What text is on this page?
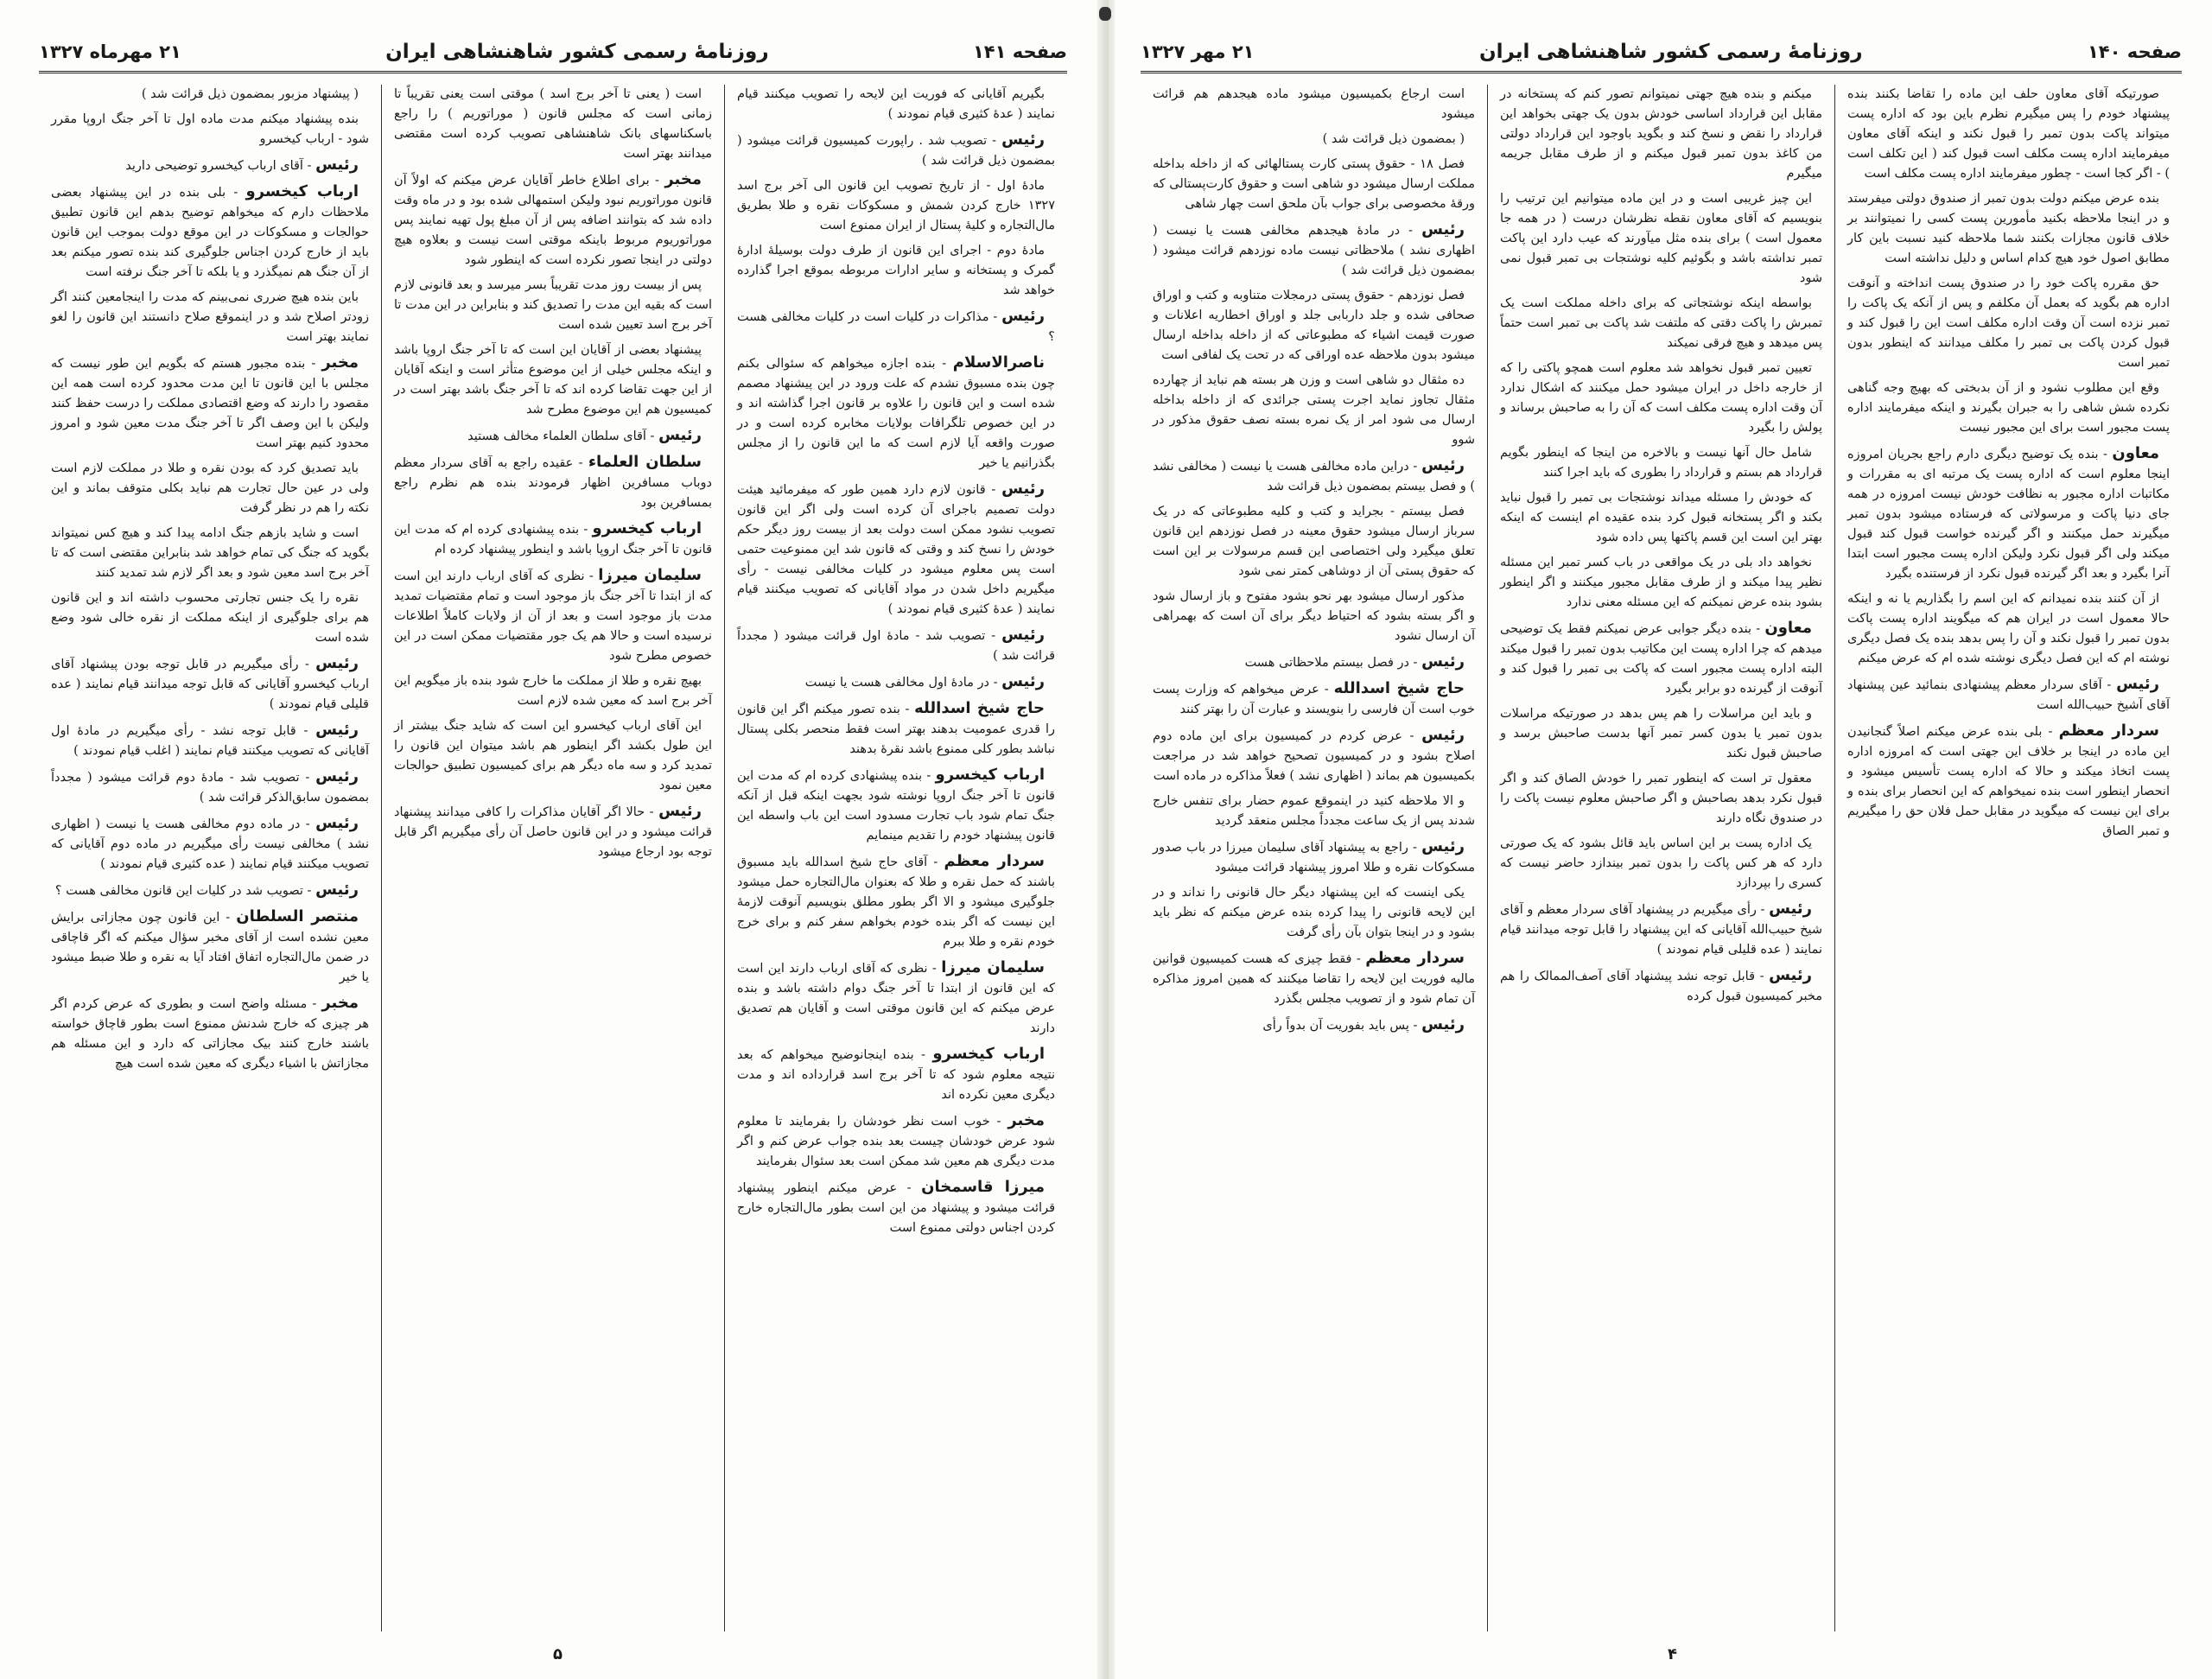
صفحه ۱۴۱
روزنامهٔ رسمی کشور شاهنشاهی ایران
۲۱ مهرماه ۱۳۲۷

بگیریم آقایانی که فوریت این لایحه را تصویب میکنند قیام نمایند ( عدهٔ کثیری قیام نمودند )

رئیس - تصویب شد . راپورت کمیسیون قرائت میشود ( بمضمون ذیل قرائت شد )

مادهٔ اول - از تاریخ تصویب این قانون الی آخر برج اسد ۱۳۲۷ خارج کردن شمش و مسکوکات نقره و طلا بطریق مال‌التجاره و کلیهٔ پستال از ایران ممنوع است

مادهٔ دوم - اجرای این قانون از طرف دولت بوسیلهٔ ادارهٔ گمرک و پستخانه و سایر ادارات مربوطه بموقع اجرا گذارده خواهد شد

رئیس - مذاکرات در کلیات است در کلیات مخالفی هست ؟

ناصرالاسلام - بنده اجازه میخواهم که سئوالی بکنم چون بنده مسبوق نشدم که علت ورود در این پیشنهاد مصمم شده است و این قانون را علاوه بر قانون اجرا گذاشته اند و در این خصوص تلگرافات بولایات مخابره کرده است و در صورت واقعه آیا لازم است که ما این قانون را از مجلس بگذرانیم یا خیر

رئیس - قانون لازم دارد همین طور که میفرمائید هیئت دولت تصمیم باجرای آن کرده است ولی اگر این قانون تصویب نشود ممکن است دولت بعد از بیست روز دیگر حکم خودش را نسخ کند و وقتی که قانون شد این ممنوعیت حتمی است پس معلوم میشود در کلیات مخالفی نیست - رأی میگیریم داخل شدن در مواد آقایانی که تصویب میکنند قیام نمایند ( عدهٔ کثیری قیام نمودند )

رئیس - تصویب شد - مادهٔ اول قرائت میشود ( مجدداً قرائت شد )

رئیس - در مادهٔ اول مخالفی هست یا نیست

حاج شیخ اسدالله - بنده تصور میکنم اگر این قانون را قدری عمومیت بدهند بهتر است فقط منحصر بکلی پستال نباشد بطور کلی ممنوع باشد نقرهٔ بدهند

ارباب کیخسرو - بنده پیشنهادی کرده ام که مدت این قانون تا آخر جنگ اروپا نوشته شود بجهت اینکه قبل از آنکه جنگ تمام شود باب تجارت مسدود است این باب واسطه این قانون پیشنهاد خودم را تقدیم مینمایم

سردار معظم - آقای حاج شیخ اسدالله باید مسبوق باشند که حمل نقره و طلا که بعنوان مال‌التجاره حمل میشود جلوگیری میشود و الا اگر بطور مطلق بنویسیم آنوقت لازمهٔ این نیست که اگر بنده خودم بخواهم سفر کنم و برای خرج خودم نقره و طلا ببرم

سلیمان میرزا - نظری که آقای ارباب دارند این است که این قانون از ابتدا تا آخر جنگ دوام داشته باشد و بنده عرض میکنم که این قانون موقتی است و آقایان هم تصدیق دارند

ارباب کیخسرو - بنده اینجانوضیح میخواهم که بعد نتیجه معلوم شود که تا آخر برج اسد قرارداده اند و مدت دیگری معین نکرده اند

مخبر - خوب است نظر خودشان را بفرمایند تا معلوم شود عرض خودشان چیست بعد بنده جواب عرض کنم و اگر مدت دیگری هم معین شد ممکن است بعد سئوال بفرمایند

میرزا قاسمخان - عرض میکنم اینطور پیشنهاد قرائت میشود و پیشنهاد من این است بطور مال‌التجاره خارج کردن اجناس دولتی ممنوع است

است ( یعنی تا آخر برج اسد ) موقتی است یعنی تقریباً تا زمانی است که مجلس قانون ( موراتوریم ) را راجع باسکناسهای بانک شاهنشاهی تصویب کرده است مقتضی میدانند بهتر است

مخبر - برای اطلاع خاطر آقایان عرض میکنم که اولاً آن قانون موراتوریم نبود ولیکن استمهالی شده بود و در ماه وقت داده شد که بتوانند اضافه پس از آن مبلغ پول تهیه نمایند پس موراتوریوم مربوط باینکه موقتی است نیست و بعلاوه هیچ دولتی در اینجا تصور نکرده است که اینطور شود

پس از بیست روز مدت تقریباً بسر میرسد و بعد قانونی لازم است که بقیه این مدت را تصدیق کند و بنابراین در این مدت تا آخر برج اسد تعیین شده است

پیشنهاد بعضی از آقایان این است که تا آخر جنگ اروپا باشد و اینکه مجلس خیلی از این موضوع متأثر است و اینکه آقایان از این جهت تقاضا کرده اند که تا آخر جنگ باشد بهتر است در کمیسیون هم این موضوع مطرح شد

رئیس - آقای سلطان العلماء مخالف هستید

سلطان العلماء - عقیده راجع به آقای سردار معظم دوباب مسافرین اظهار فرمودند بنده هم نظرم راجع بمسافرین بود

ارباب کیخسرو - بنده پیشنهادی کرده ام که مدت این قانون تا آخر جنگ اروپا باشد و اینطور پیشنهاد کرده ام

سلیمان میرزا - نظری که آقای ارباب دارند این است که از ابتدا تا آخر جنگ باز موجود است و تمام مقتضیات تمدید مدت باز موجود است و بعد از آن از ولایات کاملاً اطلاعات نرسیده است و حالا هم یک جور مقتضیات ممکن است در این خصوص مطرح شود

بهیچ نقره و طلا از مملکت ما خارج شود بنده باز میگویم این آخر برج اسد که معین شده لازم است

این آقای ارباب کیخسرو این است که شاید جنگ بیشتر از این طول بکشد اگر اینطور هم باشد میتوان این قانون را تمدید کرد و سه ماه دیگر هم برای کمیسیون تطبیق حوالجات معین نمود

رئیس - حالا اگر آقایان مذاکرات را کافی میدانند پیشنهاد قرائت میشود و در این قانون حاصل آن رأی میگیریم اگر قابل توجه بود ارجاع میشود

( پیشنهاد مزبور بمضمون ذیل قرائت شد )

بنده پیشنهاد میکنم مدت ماده اول تا آخر جنگ اروپا مقرر شود - ارباب کیخسرو

رئیس - آقای ارباب کیخسرو توضیحی دارید

ارباب کیخسرو - بلی بنده در این پیشنهاد بعضی ملاحظات دارم که میخواهم توضیح بدهم این قانون تطبیق حوالجات و مسکوکات در این موقع دولت بموجب این قانون باید از خارج کردن اجناس جلوگیری کند بنده تصور میکنم بعد از آن جنگ هم نمیگذرد و یا بلکه تا آخر جنگ نرفته است

باین بنده هیچ ضرری نمی‌بینم که مدت را اینجامعین کنند اگر زودتر اصلاح شد و در اینموقع صلاح دانستند این قانون را لغو نمایند بهتر است

مخبر - بنده مجبور هستم که بگویم این طور نیست که مجلس با این قانون تا این مدت محدود کرده است همه این مقصود را دارند که وضع اقتصادی مملکت را درست حفظ کنند ولیکن با این وصف اگر تا آخر جنگ مدت معین شود و امروز محدود کنیم بهتر است

باید تصدیق کرد که بودن نقره و طلا در مملکت لازم است ولی در عین حال تجارت هم نباید بکلی متوقف بماند و این نکته را هم در نظر گرفت

است و شاید بازهم جنگ ادامه پیدا کند و هیچ کس نمیتواند بگوید که جنگ کی تمام خواهد شد بنابراین مقتضی است که تا آخر برج اسد معین شود و بعد اگر لازم شد تمدید کنند

نقره را یک جنس تجارتی محسوب داشته اند و این قانون هم برای جلوگیری از اینکه مملکت از نقره خالی شود وضع شده است

رئیس - رأی میگیریم در قابل توجه بودن پیشنهاد آقای ارباب کیخسرو آقایانی که قابل توجه میدانند قیام نمایند ( عده قلیلی قیام نمودند )

رئیس - قابل توجه نشد - رأی میگیریم در مادهٔ اول آقایانی که تصویب میکنند قیام نمایند ( اغلب قیام نمودند )

رئیس - تصویب شد - مادهٔ دوم قرائت میشود ( مجدداً بمضمون سابق‌الذکر قرائت شد )

رئیس - در ماده دوم مخالفی هست یا نیست ( اظهاری نشد ) مخالفی نیست رأی میگیریم در ماده دوم آقایانی که تصویب میکنند قیام نمایند ( عده کثیری قیام نمودند )

رئیس - تصویب شد در کلیات این قانون مخالفی هست ؟

منتصر السلطان - این قانون چون مجازاتی برایش معین نشده است از آقای مخبر سؤال میکنم که اگر قاچاقی در ضمن مال‌التجاره اتفاق افتاد آیا به نقره و طلا ضبط میشود یا خیر

مخبر - مسئله واضح است و بطوری که عرض کردم اگر هر چیزی که خارج شدنش ممنوع است بطور قاچاق خواسته باشند خارج کنند بیک مجازاتی که دارد و این مسئله هم مجازاتش با اشیاء دیگری که معین شده است هیچ

۵
صفحه ۱۴۰
روزنامهٔ رسمی کشور شاهنشاهی ایران
۲۱ مهر ۱۳۲۷

صورتیکه آقای معاون حلف این ماده را تقاضا بکنند بنده پیشنهاد خودم را پس میگیرم نظرم باین بود که اداره پست میتواند پاکت بدون تمبر را قبول نکند و اینکه آقای معاون میفرمایند اداره پست مکلف است قبول کند ( این تکلف است ) - اگر کجا است - چطور میفرمایند اداره پست مکلف است

بنده عرض میکنم دولت بدون تمبر از صندوق دولتی میفرستد و در اینجا ملاحظه بکنید مأمورین پست کسی را نمیتوانند بر خلاف قانون مجازات بکنند شما ملاحظه کنید نسبت باین کار مطابق اصول خود هیچ کدام اساس و دلیل نداشته است

حق مقرره پاکت خود را در صندوق پست انداخته و آنوقت اداره هم بگوید که بعمل آن مکلفم و پس از آنکه یک پاکت را تمبر نزده است آن وقت اداره مکلف است این را قبول کند و قبول کردن پاکت بی تمبر را مکلف میدانند که اینطور بدون تمبر است

وقع این مطلوب نشود و از آن بدبختی که بهیچ وجه گناهی نکرده شش شاهی را به جبران بگیرند و اینکه میفرمایند اداره پست مجبور است برای این مجبور نیست

معاون - بنده یک توضیح دیگری دارم راجع بجریان امروزه اینجا معلوم است که اداره پست یک مرتبه ای به مقررات و مکاتبات اداره مجبور به نظافت خودش نیست امروزه در همه جای دنیا پاکت و مرسولاتی که فرستاده میشود بدون تمبر میگیرند حمل میکنند و اگر گیرنده خواست قبول کند قبول میکند ولی اگر قبول نکرد ولیکن اداره پست مجبور است ابتدا آنرا بگیرد و بعد اگر گیرنده قبول نکرد از فرستنده بگیرد

از آن کنند بنده نمیدانم که این اسم را بگذاریم یا نه و اینکه حالا معمول است در ایران هم که میگویند اداره پست پاکت بدون تمبر را قبول نکند و آن را پس بدهد بنده یک فصل دیگری نوشته ام که این فصل دیگری نوشته شده ام که عرض میکنم

رئیس - آقای سردار معظم پیشنهادی بنمائید عین پیشنهاد آقای آشیخ حبیب‌الله است

سردار معظم - بلی بنده عرض میکنم اصلاً گنجانیدن این ماده در اینجا بر خلاف این جهتی است که امروزه اداره پست اتخاذ میکند و حالا که اداره پست تأسیس میشود و انحصار اینطور است بنده نمیخواهم که این انحصار برای بنده و برای این نیست که میگوید در مقابل حمل فلان حق را میگیریم و تمبر الصاق

میکنم و بنده هیچ جهتی نمیتوانم تصور کنم که پستخانه در مقابل این قرارداد اساسی خودش بدون یک جهتی بخواهد این قرارداد را نقض و نسخ کند و بگوید باوجود این قرارداد دولتی من کاغذ بدون تمبر قبول میکنم و از طرف مقابل جریمه میگیرم

این چیز غریبی است و در این ماده میتوانیم این ترتیب را بنویسیم که آقای معاون نقطه نظرشان درست ( در همه جا معمول است ) برای بنده مثل میآورند که عیب دارد این پاکت تمبر نداشته باشد و بگوئیم کلیه نوشتجات بی تمبر قبول نمی شود

بواسطه اینکه نوشتجاتی که برای داخله مملکت است یک تمبرش را پاکت دقتی که ملتفت شد پاکت بی تمبر است حتماً پس میدهد و هیچ فرقی نمیکند

تعیین تمبر قبول نخواهد شد معلوم است همچو پاکتی را که از خارجه داخل در ایران میشود حمل میکنند که اشکال ندارد آن وقت اداره پست مکلف است که آن را به صاحبش برساند و پولش را بگیرد

شامل حال آنها نیست و بالاخره من اینجا که اینطور بگویم قرارداد هم بستم و قرارداد را بطوری که باید اجرا کنند

که خودش را مسئله میداند نوشتجات بی تمبر را قبول نباید بکند و اگر پستخانه قبول کرد بنده عقیده ام اینست که اینکه بهتر این است این قسم پاکتها پس داده شود

نخواهد داد بلی در یک مواقعی در باب کسر تمبر این مسئله نظیر پیدا میکند و از طرف مقابل مجبور میکنند و اگر اینطور بشود بنده عرض نمیکنم که این مسئله معنی ندارد

معاون - بنده دیگر جوابی عرض نمیکنم فقط یک توضیحی میدهم که چرا اداره پست این مکاتیب بدون تمبر را قبول میکند البته اداره پست مجبور است که پاکت بی تمبر را قبول کند و آنوقت از گیرنده دو برابر بگیرد

و باید این مراسلات را هم پس بدهد در صورتیکه مراسلات بدون تمبر یا بدون کسر تمبر آنها بدست صاحبش برسد و صاحبش قبول نکند

معقول تر است که اینطور تمبر را خودش الصاق کند و اگر قبول نکرد بدهد بصاحبش و اگر صاحبش معلوم نیست پاکت را در صندوق نگاه دارند

یک اداره پست بر این اساس باید قائل بشود که یک صورتی دارد که هر کس پاکت را بدون تمبر بیندازد حاضر نیست که کسری را بپردازد

رئیس - رأی میگیریم در پیشنهاد آقای سردار معظم و آقای شیخ حبیب‌الله آقایانی که این پیشنهاد را قابل توجه میدانند قیام نمایند ( عده قلیلی قیام نمودند )

رئیس - قابل توجه نشد پیشنهاد آقای آصف‌الممالک را هم مخبر کمیسیون قبول کرده

است ارجاع بکمیسیون میشود ماده هیجدهم هم قرائت میشود

( بمضمون ذیل قرائت شد )

فصل ۱۸ - حقوق پستی کارت پستالهائی که از داخله بداخله مملکت ارسال میشود دو شاهی است و حقوق کارت‌پستالی که ورقهٔ مخصوصی برای جواب بآن ملحق است چهار شاهی

رئیس - در مادهٔ هیجدهم مخالفی هست یا نیست ( اظهاری نشد ) ملاحظاتی نیست ماده نوزدهم قرائت میشود ( بمضمون ذیل قرائت شد )

فصل نوزدهم - حقوق پستی درمجلات متناوبه و کتب و اوراق صحافی شده و جلد داربابی جلد و اوراق اخطاریه اعلانات و صورت قیمت اشیاء که مطبوعاتی که از داخله بداخله ارسال میشود بدون ملاحظه عده اوراقی که در تحت یک لفافی است

ده مثقال دو شاهی است و وزن هر بسته هم نباید از چهارده مثقال تجاوز نماید اجرت پستی جرائدی که از داخله بداخله ارسال می شود امر از یک نمره بسته نصف حقوق مذکور در شوو

رئیس - دراین ماده مخالفی هست یا نیست ( مخالفی نشد ) و فصل بیستم بمضمون ذیل قرائت شد

فصل بیستم - بجراید و کتب و کلیه مطبوعاتی که در یک سرباز ارسال میشود حقوق معینه در فصل نوزدهم این قانون تعلق میگیرد ولی اختصاصی این قسم مرسولات بر این است که حقوق پستی آن از دوشاهی کمتر نمی شود

مذکور ارسال میشود بهر نحو بشود مفتوح و باز ارسال شود و اگر بسته بشود که احتیاط دیگر برای آن است که بهمراهی آن ارسال نشود

رئیس - در فصل بیستم ملاحظاتی هست

حاج شیخ اسدالله - عرض میخواهم که وزارت پست خوب است آن فارسی را بنویسند و عبارت آن را بهتر کنند

رئیس - عرض کردم در کمیسیون برای این ماده دوم اصلاح بشود و در کمیسیون تصحیح خواهد شد در مراجعت بکمیسیون هم بماند ( اظهاری نشد ) فعلاً مذاکره در ماده است

و الا ملاحظه کنید در اینموقع عموم حضار برای تنفس خارج شدند پس از یک ساعت مجدداً مجلس منعقد گردید

رئیس - راجع به پیشنهاد آقای سلیمان میرزا در باب صدور مسکوکات نقره و طلا امروز پیشنهاد قرائت میشود

یکی اینست که این پیشنهاد دیگر حال قانونی را نداند و در این لایحه قانونی را پیدا کرده بنده عرض میکنم که نظر باید بشود و در اینجا بتوان بآن رأی گرفت

سردار معظم - فقط چیزی که هست کمیسیون قوانین مالیه فوریت این لایحه را تقاضا میکنند که همین امروز مذاکره آن تمام شود و از تصویب مجلس بگذرد

رئیس - پس باید بفوریت آن بدواً رأی

۴
